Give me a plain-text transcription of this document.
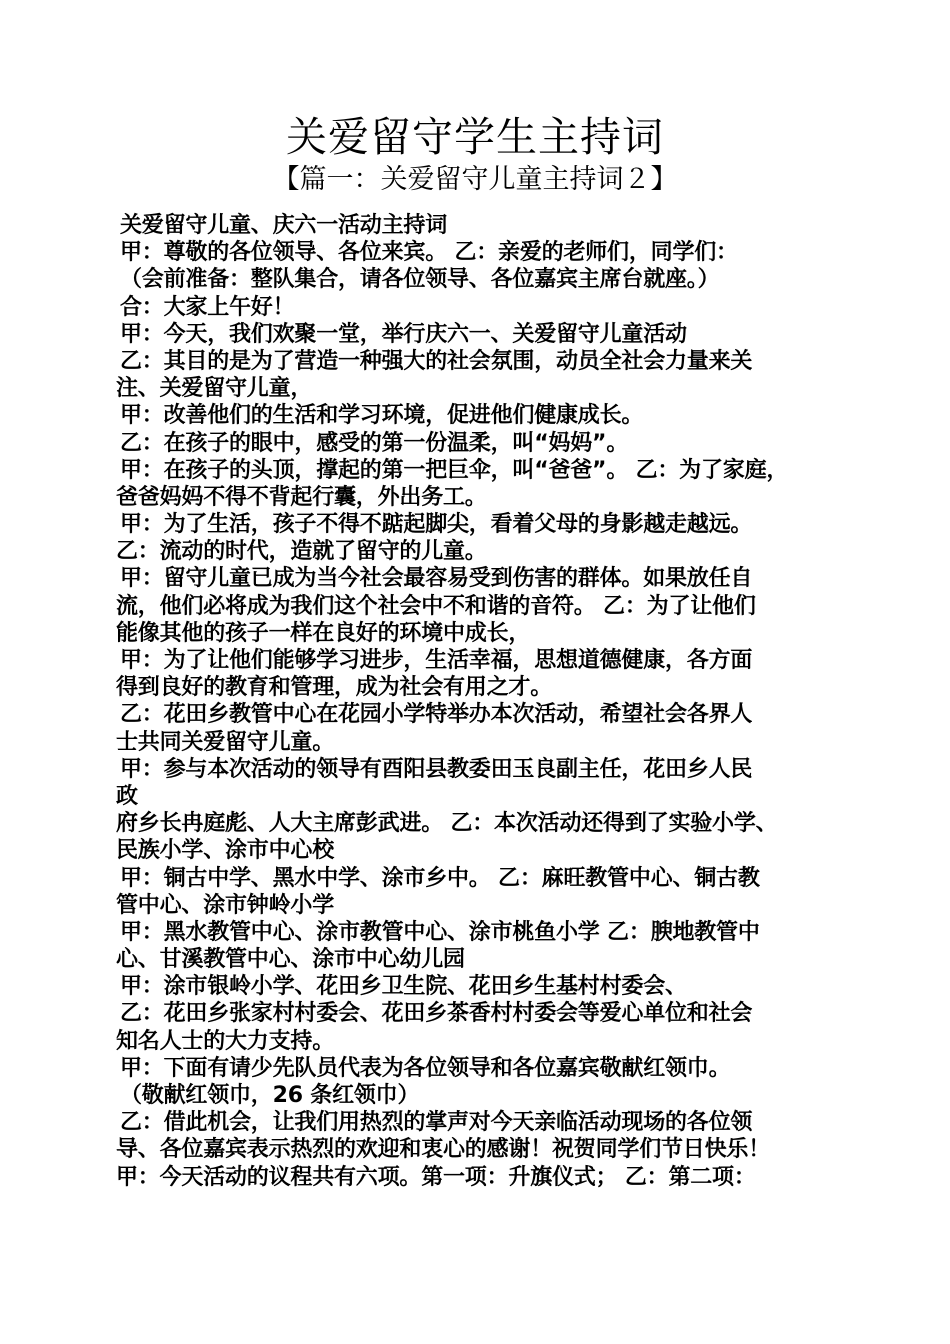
关爱留守学生主持词
【篇一：关爱留守儿童主持词２】
关爱留守儿童、庆六一活动主持词
甲：尊敬的各位领导、各位来宾。 乙：亲爱的老师们，同学们：
（会前准备：整队集合，请各位领导、各位嘉宾主席台就座。）
合：大家上午好！
甲：今天，我们欢聚一堂，举行庆六一、关爱留守儿童活动
乙：其目的是为了营造一种强大的社会氛围，动员全社会力量来关
注、关爱留守儿童，
甲：改善他们的生活和学习环境，促进他们健康成长。
乙：在孩子的眼中，感受的第一份温柔，叫“妈妈”。
甲：在孩子的头顶，撑起的第一把巨伞，叫“爸爸”。 乙：为了家庭，
爸爸妈妈不得不背起行囊，外出务工。
甲：为了生活，孩子不得不踮起脚尖，看着父母的身影越走越远。
乙：流动的时代，造就了留守的儿童。
甲：留守儿童已成为当今社会最容易受到伤害的群体。如果放任自
流，他们必将成为我们这个社会中不和谐的音符。 乙：为了让他们
能像其他的孩子一样在良好的环境中成长，
甲：为了让他们能够学习进步，生活幸福，思想道德健康，各方面
得到良好的教育和管理，成为社会有用之才。
乙：花田乡教管中心在花园小学特举办本次活动，希望社会各界人
士共同关爱留守儿童。
甲：参与本次活动的领导有酉阳县教委田玉良副主任，花田乡人民
政
府乡长冉庭彪、人大主席彭武进。 乙：本次活动还得到了实验小学、
民族小学、涂市中心校
甲：铜古中学、黑水中学、涂市乡中。 乙：麻旺教管中心、铜古教
管中心、涂市钟岭小学
甲：黑水教管中心、涂市教管中心、涂市桃鱼小学 乙：腴地教管中
心、甘溪教管中心、涂市中心幼儿园
甲：涂市银岭小学、花田乡卫生院、花田乡生基村村委会、
乙：花田乡张家村村委会、花田乡茶香村村委会等爱心单位和社会
知名人士的大力支持。
甲：下面有请少先队员代表为各位领导和各位嘉宾敬献红领巾。
（敬献红领巾，26 条红领巾）
乙：借此机会，让我们用热烈的掌声对今天亲临活动现场的各位领
导、各位嘉宾表示热烈的欢迎和衷心的感谢！祝贺同学们节日快乐！
甲：今天活动的议程共有六项。第一项：升旗仪式； 乙：第二项：
